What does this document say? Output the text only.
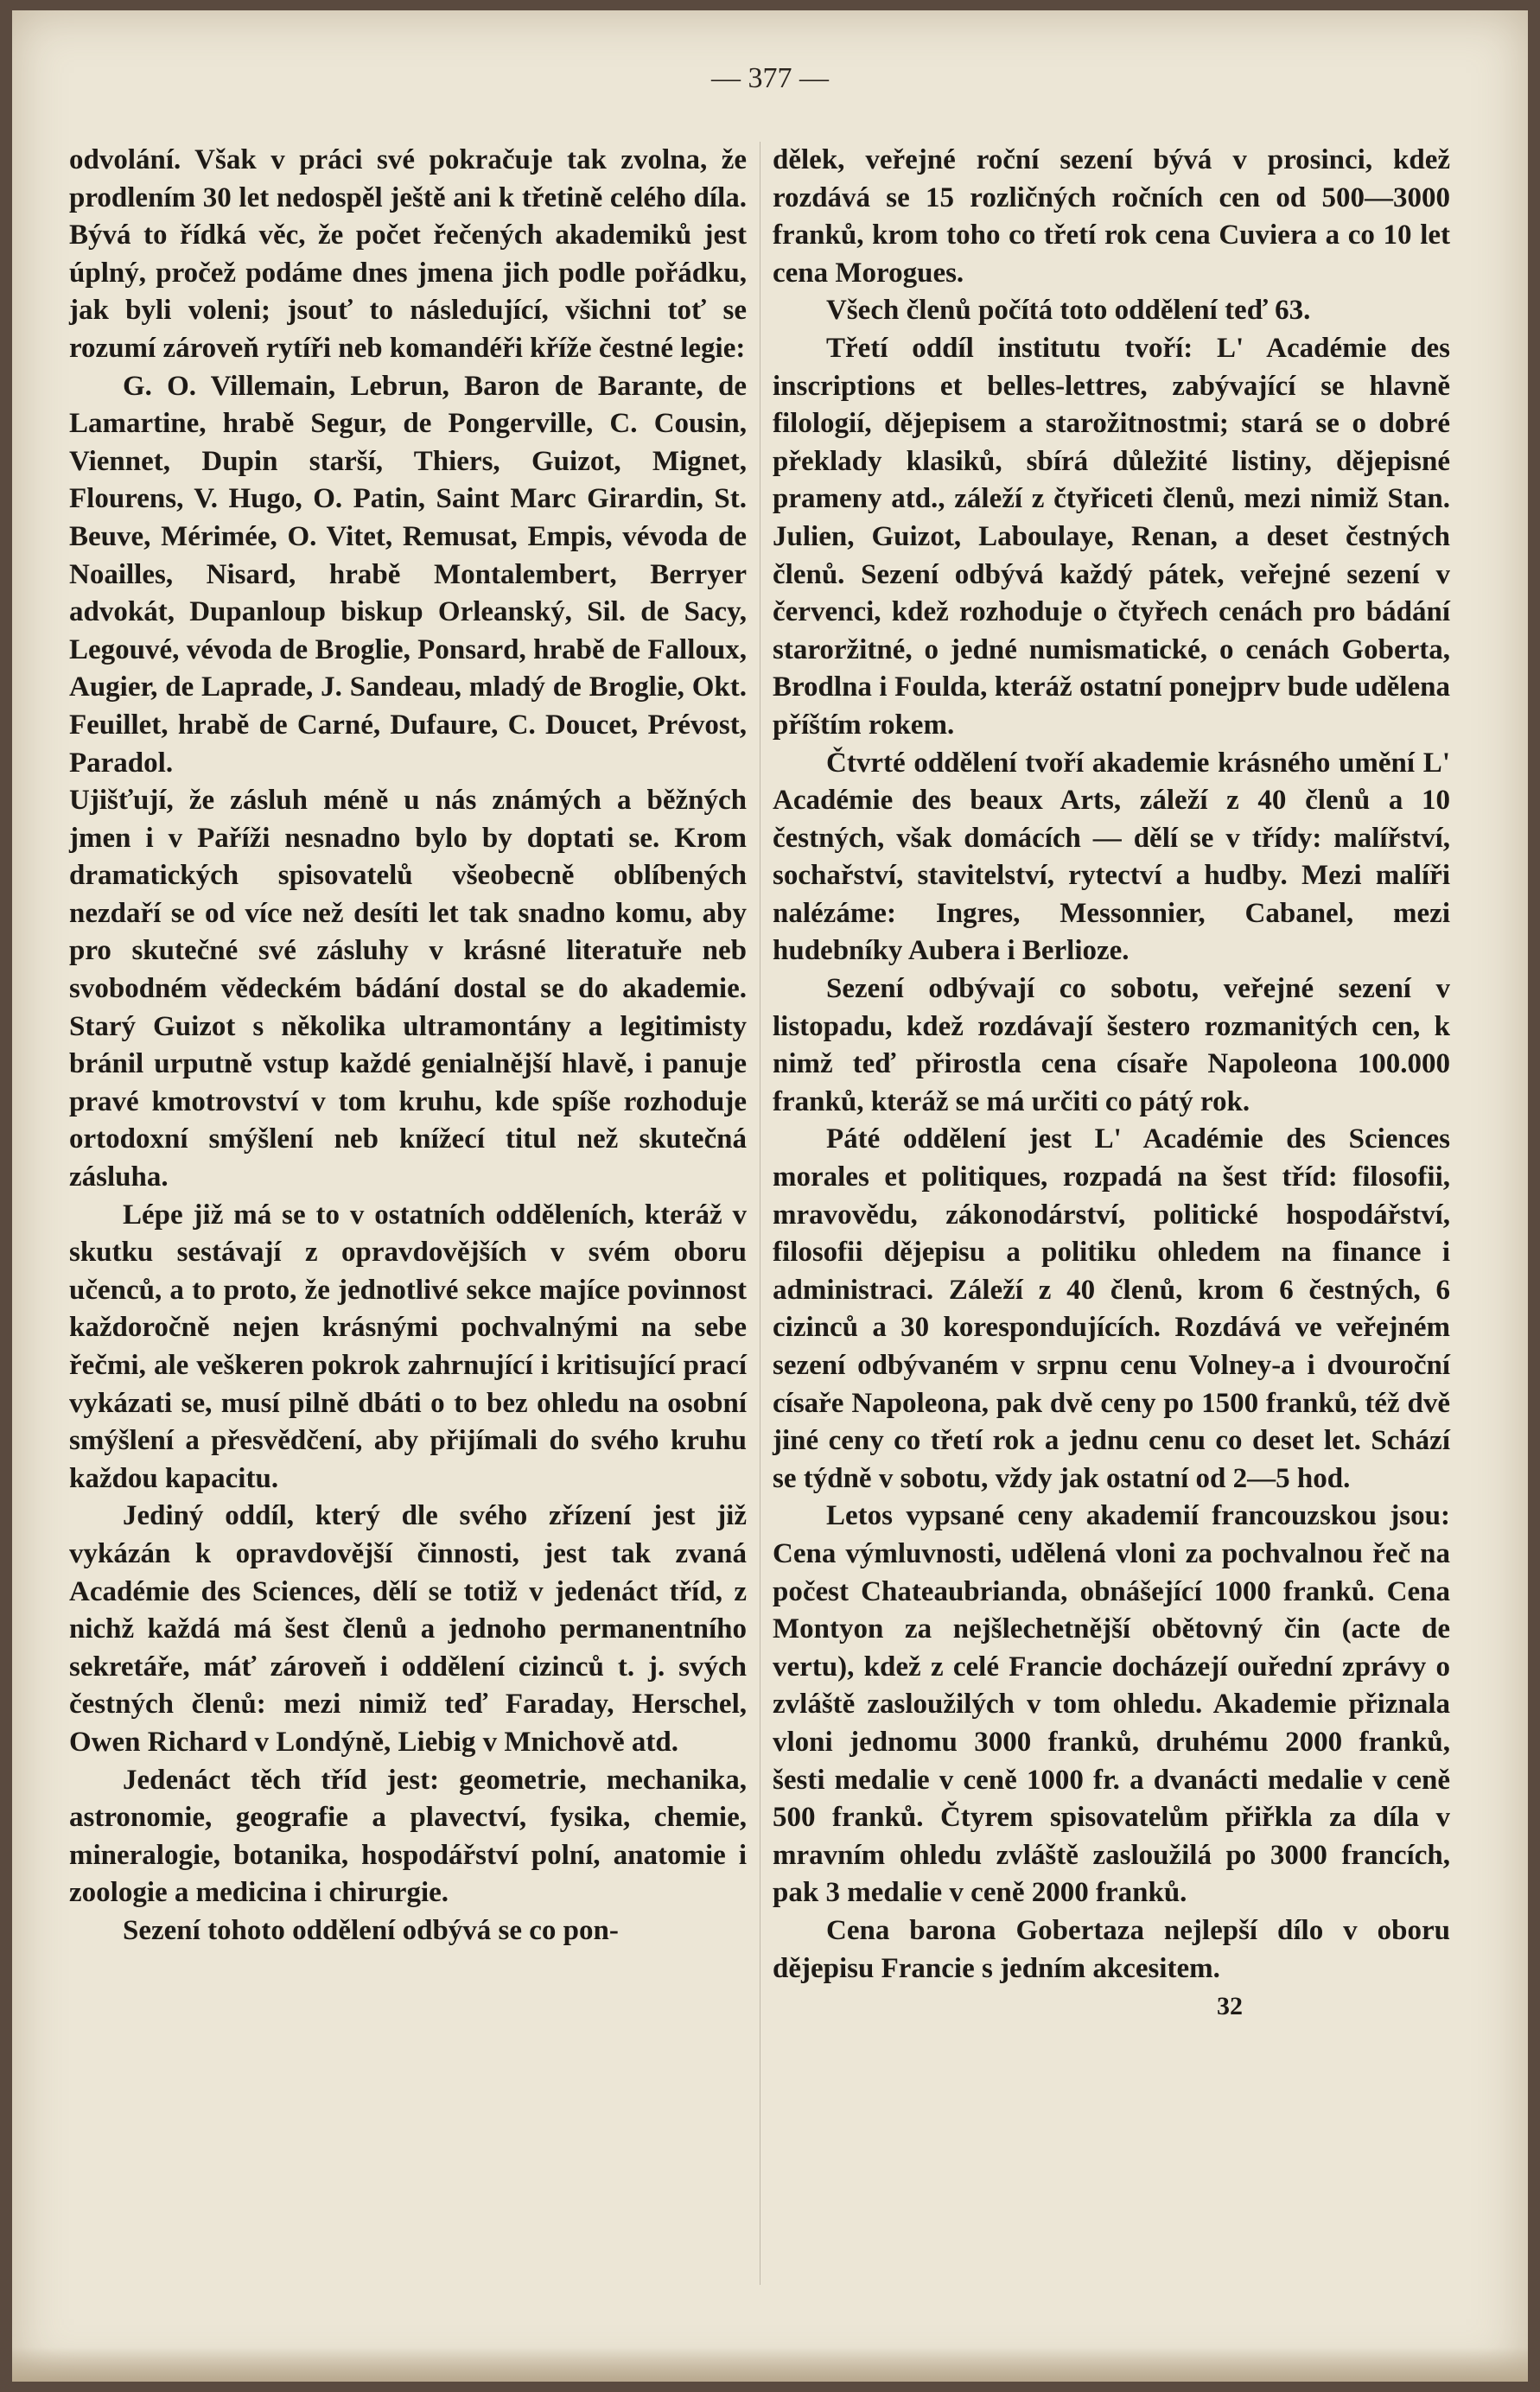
— 377 —

odvolání. Však v práci své pokračuje tak zvolna, že prodlením 30 let nedospěl ještě ani k třetině celého díla. Bývá to řídká věc, že počet řečených akademiků jest úplný, pročež podáme dnes jmena jich podle pořádku, jak byli voleni; jsouť to následující, všichni toť se rozumí zároveň rytíři neb komandéři kříže čestné legie:

G. O. Villemain, Lebrun, Baron de Barante, de Lamartine, hrabě Segur, de Pongerville, C. Cousin, Viennet, Dupin starší, Thiers, Guizot, Mignet, Flourens, V. Hugo, O. Patin, Saint Marc Girardin, St. Beuve, Mérimée, O. Vitet, Remusat, Empis, vévoda de Noailles, Nisard, hrabě Montalembert, Berryer advokát, Dupanloup biskup Orleanský, Sil. de Sacy, Legouvé, vévoda de Broglie, Ponsard, hrabě de Falloux, Augier, de Laprade, J. Sandeau, mladý de Broglie, Okt. Feuillet, hrabě de Carné, Dufaure, C. Doucet, Prévost, Paradol.

Ujišťují, že zásluh méně u nás známých a běžných jmen i v Paříži nesnadno bylo by doptati se. Krom dramatických spisovatelů všeobecně oblíbených nezdaří se od více než desíti let tak snadno komu, aby pro skutečné své zásluhy v krásné literatuře neb svobodném vědeckém bádání dostal se do akademie. Starý Guizot s několika ultramontány a legitimisty bránil urputně vstup každé genialnější hlavě, i panuje pravé kmotrovství v tom kruhu, kde spíše rozhoduje ortodoxní smýšlení neb knížecí titul než skutečná zásluha.

Lépe již má se to v ostatních odděleních, kteráž v skutku sestávají z opravdovějších v svém oboru učenců, a to proto, že jednotlivé sekce majíce povinnost každoročně nejen krásnými pochvalnými na sebe řečmi, ale veškeren pokrok zahrnující i kritisující prací vykázati se, musí pilně dbáti o to bez ohledu na osobní smýšlení a přesvědčení, aby přijímali do svého kruhu každou kapacitu.

Jediný oddíl, který dle svého zřízení jest již vykázán k opravdovější činnosti, jest tak zvaná Académie des Sciences, dělí se totiž v jedenáct tříd, z nichž každá má šest členů a jednoho permanentního sekretáře, máť zároveň i oddělení cizinců t. j. svých čestných členů: mezi nimiž teď Faraday, Herschel, Owen Richard v Londýně, Liebig v Mnichově atd.

Jedenáct těch tříd jest: geometrie, mechanika, astronomie, geografie a plavectví, fysika, chemie, mineralogie, botanika, hospodářství polní, anatomie i zoologie a medicina i chirurgie.

Sezení tohoto oddělení odbývá se co pon-

dělek, veřejné roční sezení bývá v prosinci, kdež rozdává se 15 rozličných ročních cen od 500—3000 franků, krom toho co třetí rok cena Cuviera a co 10 let cena Morogues.

Všech členů počítá toto oddělení teď 63.

Třetí oddíl institutu tvoří: L' Académie des inscriptions et belles-lettres, zabývající se hlavně filologií, dějepisem a starožitnostmi; stará se o dobré překlady klasiků, sbírá důležité listiny, dějepisné prameny atd., záleží z čtyřiceti členů, mezi nimiž Stan. Julien, Guizot, Laboulaye, Renan, a deset čestných členů. Sezení odbývá každý pátek, veřejné sezení v červenci, kdež rozhoduje o čtyřech cenách pro bádání staroržitné, o jedné numismatické, o cenách Goberta, Brodlna i Foulda, kteráž ostatní ponejprv bude udělena příštím rokem.

Čtvrté oddělení tvoří akademie krásného umění L' Académie des beaux Arts, záleží z 40 členů a 10 čestných, však domácích — dělí se v třídy: malířství, sochařství, stavitelství, rytectví a hudby. Mezi malíři nalézáme: Ingres, Messonnier, Cabanel, mezi hudebníky Aubera i Berlioze.

Sezení odbývají co sobotu, veřejné sezení v listopadu, kdež rozdávají šestero rozmanitých cen, k nimž teď přirostla cena císaře Napoleona 100.000 franků, kteráž se má určiti co pátý rok.

Páté oddělení jest L' Académie des Sciences morales et politiques, rozpadá na šest tříd: filosofii, mravovědu, zákonodárství, politické hospodářství, filosofii dějepisu a politiku ohledem na finance i administraci. Záleží z 40 členů, krom 6 čestných, 6 cizinců a 30 korespondujících. Rozdává ve veřejném sezení odbývaném v srpnu cenu Volney-a i dvouroční císaře Napoleona, pak dvě ceny po 1500 franků, též dvě jiné ceny co třetí rok a jednu cenu co deset let. Schází se týdně v sobotu, vždy jak ostatní od 2—5 hod.

Letos vypsané ceny akademií francouzskou jsou: Cena výmluvnosti, udělená vloni za pochvalnou řeč na počest Chateaubrianda, obnášející 1000 franků. Cena Montyon za nejšlechetnější obětovný čin (acte de vertu), kdež z celé Francie docházejí ouřední zprávy o zvláště zasloužilých v tom ohledu. Akademie přiznala vloni jednomu 3000 franků, druhému 2000 franků, šesti medalie v ceně 1000 fr. a dvanácti medalie v ceně 500 franků. Čtyrem spisovatelům přiřkla za díla v mravním ohledu zvláště zasloužilá po 3000 francích, pak 3 medalie v ceně 2000 franků.

Cena barona Gobertaza nejlepší dílo v oboru dějepisu Francie s jedním akcesitem.

32
